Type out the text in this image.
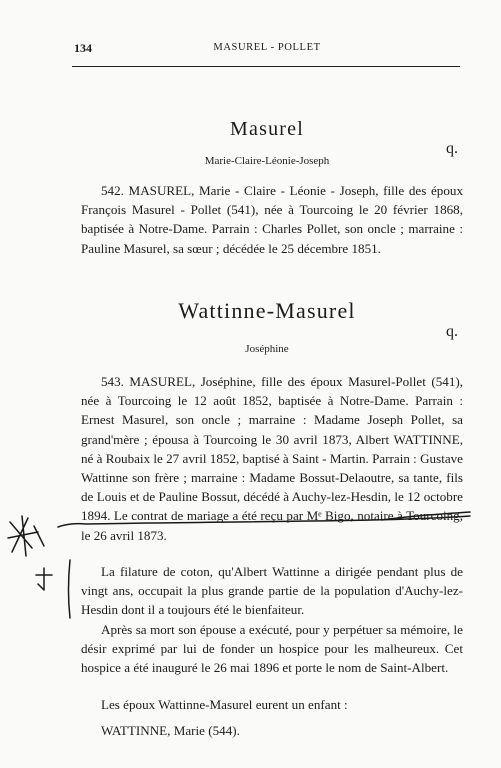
134	MASUREL - POLLET
Masurel
q.
Marie-Claire-Léonie-Joseph

542. MASUREL, Marie - Claire - Léonie - Joseph, fille des époux François Masurel - Pollet (541), née à Tourcoing le 20 février 1868, baptisée à Notre-Dame. Parrain : Charles Pollet, son oncle ; marraine : Pauline Masurel, sa sœur ; décédée le 25 décembre 1851.

Wattinne-Masurel
q.
Joséphine

543. MASUREL, Joséphine, fille des époux Masurel-Pollet (541), née à Tourcoing le 12 août 1852, baptisée à Notre-Dame. Parrain : Ernest Masurel, son oncle ; marraine : Madame Joseph Pollet, sa grand'mère ; épousa à Tourcoing le 30 avril 1873, Albert WATTINNE, né à Roubaix le 27 avril 1852, baptisé à Saint - Martin. Parrain : Gustave Wattinne son frère ; marraine : Madame Bossut-Delaoutre, sa tante, fils de Louis et de Pauline Bossut, décédé à Auchy-lez-Hesdin, le 12 octobre 1894. Le contrat de mariage a été reçu par Mᵉ Bigo, notaire à Tourcoing, le 26 avril 1873.

La filature de coton, qu'Albert Wattinne a dirigée pendant plus de vingt ans, occupait la plus grande partie de la population d'Auchy-lez-Hesdin dont il a toujours été le bienfaiteur.

Après sa mort son épouse a exécuté, pour y perpétuer sa mémoire, le désir exprimé par lui de fonder un hospice pour les malheureux. Cet hospice a été inauguré le 26 mai 1896 et porte le nom de Saint-Albert.

Les époux Wattinne-Masurel eurent un enfant :

WATTINNE, Marie (544).
